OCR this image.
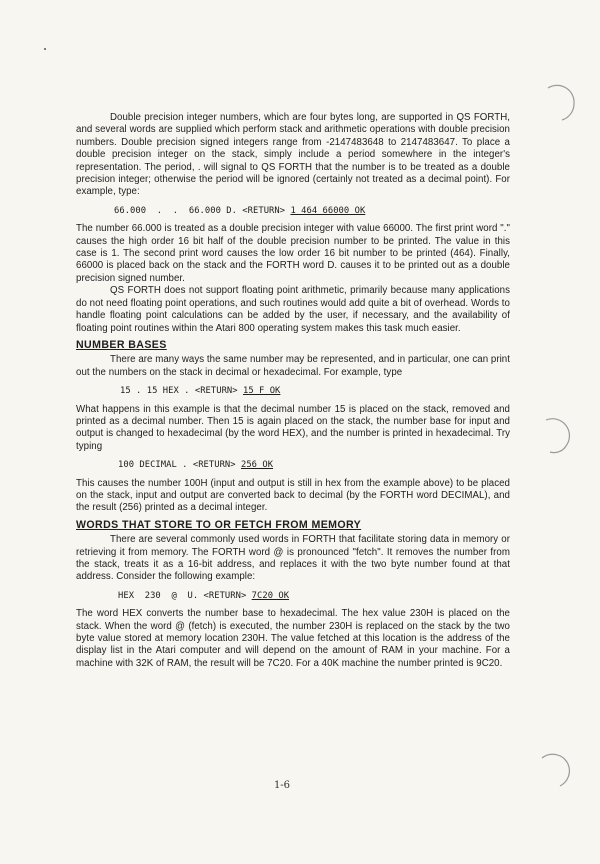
Double precision integer numbers, which are four bytes long, are supported in QS FORTH, and several words are supplied which perform stack and arithmetic operations with double precision numbers. Double precision signed integers range from -2147483648 to 2147483647. To place a double precision integer on the stack, simply include a period somewhere in the integer's representation. The period, . will signal to QS FORTH that the number is to be treated as a double precision integer; otherwise the period will be ignored (certainly not treated as a decimal point). For example, type:

66.000  .  .  66.000 D. <RETURN> 1 464 66000 OK

The number 66.000 is treated as a double precision integer with value 66000. The first print word "." causes the high order 16 bit half of the double precision number to be printed. The value in this case is 1. The second print word causes the low order 16 bit number to be printed (464). Finally, 66000 is placed back on the stack and the FORTH word D. causes it to be printed out as a double precision signed number.

QS FORTH does not support floating point arithmetic, primarily because many applications do not need floating point operations, and such routines would add quite a bit of overhead. Words to handle floating point calculations can be added by the user, if necessary, and the availability of floating point routines within the Atari 800 operating system makes this task much easier.

NUMBER BASES

There are many ways the same number may be represented, and in particular, one can print out the numbers on the stack in decimal or hexadecimal. For example, type

15 . 15 HEX . <RETURN> 15 F OK

What happens in this example is that the decimal number 15 is placed on the stack, removed and printed as a decimal number. Then 15 is again placed on the stack, the number base for input and output is changed to hexadecimal (by the word HEX), and the number is printed in hexadecimal. Try typing

100 DECIMAL . <RETURN> 256 OK

This causes the number 100H (input and output is still in hex from the example above) to be placed on the stack, input and output are converted back to decimal (by the FORTH word DECIMAL), and the result (256) printed as a decimal integer.

WORDS THAT STORE TO OR FETCH FROM MEMORY

There are several commonly used words in FORTH that facilitate storing data in memory or retrieving it from memory. The FORTH word @ is pronounced "fetch". It removes the number from the stack, treats it as a 16-bit address, and replaces it with the two byte number found at that address. Consider the following example:

HEX  230  @  U. <RETURN> 7C20 OK

The word HEX converts the number base to hexadecimal. The hex value 230H is placed on the stack. When the word @ (fetch) is executed, the number 230H is replaced on the stack by the two byte value stored at memory location 230H. The value fetched at this location is the address of the display list in the Atari computer and will depend on the amount of RAM in your machine. For a machine with 32K of RAM, the result will be 7C20. For a 40K machine the number printed is 9C20.

1-6
